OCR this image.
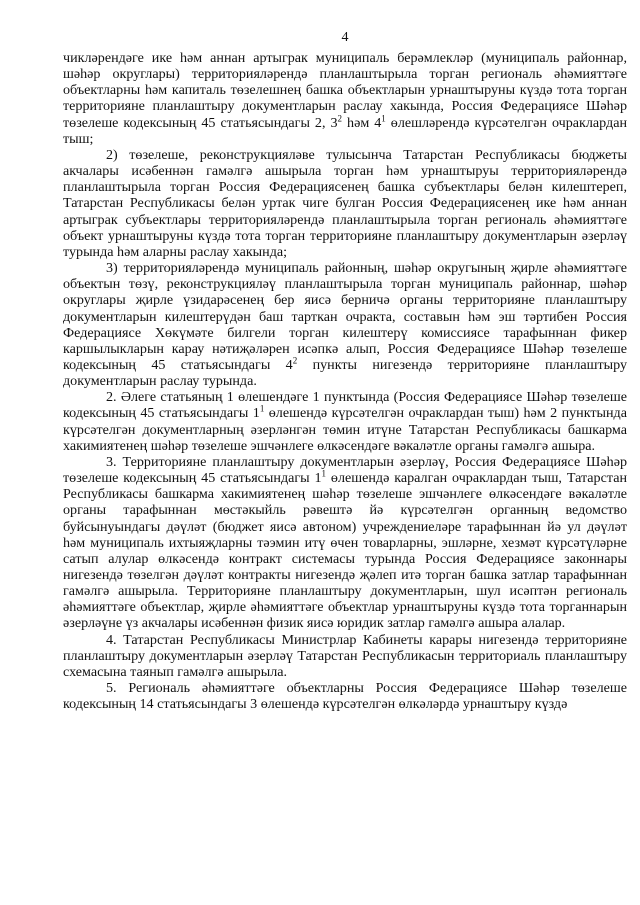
4

чикләрендәге ике һәм аннан артыграк муниципаль берәмлекләр (муниципаль районнар, шәһәр округлары) территорияләрендә планлаштырыла торган региональ әһәмияттәге объектларны һәм капиталь төзелешнең башка объектларын урнаштыруны күздә тота торган территорияне планлаштыру документларын раслау хакында, Россия Федерациясе Шәһәр төзелеше кодексының 45 статьясындагы 2, $3^2$ һәм $4^1$ өлешләрендә күрсәтелгән очраклардан тыш;

2) төзелеше, реконструкцияләве тулысынча Татарстан Республикасы бюджеты акчалары исәбеннән гамәлгә ашырыла торган һәм урнаштыруы территорияләрендә планлаштырыла торган Россия Федерациясенең башка субъектлары белән килештереп, Татарстан Республикасы белән уртак чиге булган Россия Федерациясенең ике һәм аннан артыграк субъектлары территорияләрендә планлаштырыла торган региональ әһәмияттәге объект урнаштыруны күздә тота торган территорияне планлаштыру документларын әзерләү турында һәм аларны раслау хакында;

3) территорияләрендә муниципаль районның, шәһәр округының җирле әһәмияттәге объектын төзү, реконструкцияләү планлаштырыла торган муниципаль районнар, шәһәр округлары җирле үзидарәсенең бер яисә берничә органы территорияне планлаштыру документларын килештерүдән баш тарткан очракта, составын һәм эш тәртибен Россия Федерациясе Хөкүмәте билгели торган килештерү комиссиясе тарафыннан фикер каршылыкларын карау нәтиҗәләрен исәпкә алып, Россия Федерациясе Шәһәр төзелеше кодексының 45 статьясындагы $4^2$ пункты нигезендә территорияне планлаштыру документларын раслау турында.

2. Әлеге статьяның 1 өлешендәге 1 пунктында (Россия Федерациясе Шәһәр төзелеше кодексының 45 статьясындагы $1^1$ өлешендә күрсәтелгән очраклардан тыш) һәм 2 пунктында күрсәтелгән документларның әзерләнгән төмин итүне Татарстан Республикасы башкарма хакимиятенең шәһәр төзелеше эшчәнлеге өлкәсендәге вәкаләтле органы гамәлгә ашыра.

3. Территорияне планлаштыру документларын әзерләү, Россия Федерациясе Шәһәр төзелеше кодексының 45 статьясындагы $1^1$ өлешендә каралган очраклардан тыш, Татарстан Республикасы башкарма хакимиятенең шәһәр төзелеше эшчәнлеге өлкәсендәге вәкаләтле органы тарафыннан мөстәкыйль рәвештә йә күрсәтелгән органның ведомство буйсынуындагы дәүләт (бюджет яисә автоном) учреждениеләре тарафыннан йә ул дәүләт һәм муниципаль ихтыяҗларны тәэмин итү өчен товарларны, эшләрне, хезмәт күрсәтүләрне сатып алулар өлкәсендә контракт системасы турында Россия Федерациясе законнары нигезендә төзелгән дәүләт контракты нигезендә җәлеп итә торган башка затлар тарафыннан гамәлгә ашырыла. Территорияне планлаштыру документларын, шул исәптән региональ әһәмияттәге объектлар, җирле әһәмияттәге объектлар урнаштыруны күздә тота торганнарын әзерләүне үз акчалары исәбеннән физик яисә юридик затлар гамәлгә ашыра алалар.

4. Татарстан Республикасы Министрлар Кабинеты карары нигезендә территорияне планлаштыру документларын әзерләү Татарстан Республикасын территориаль планлаштыру схемасына таянып гамәлгә ашырыла.

5. Региональ әһәмияттәге объектларны Россия Федерациясе Шәһәр төзелеше кодексының 14 статьясындагы 3 өлешендә күрсәтелгән өлкәләрдә урнаштыру күздә
